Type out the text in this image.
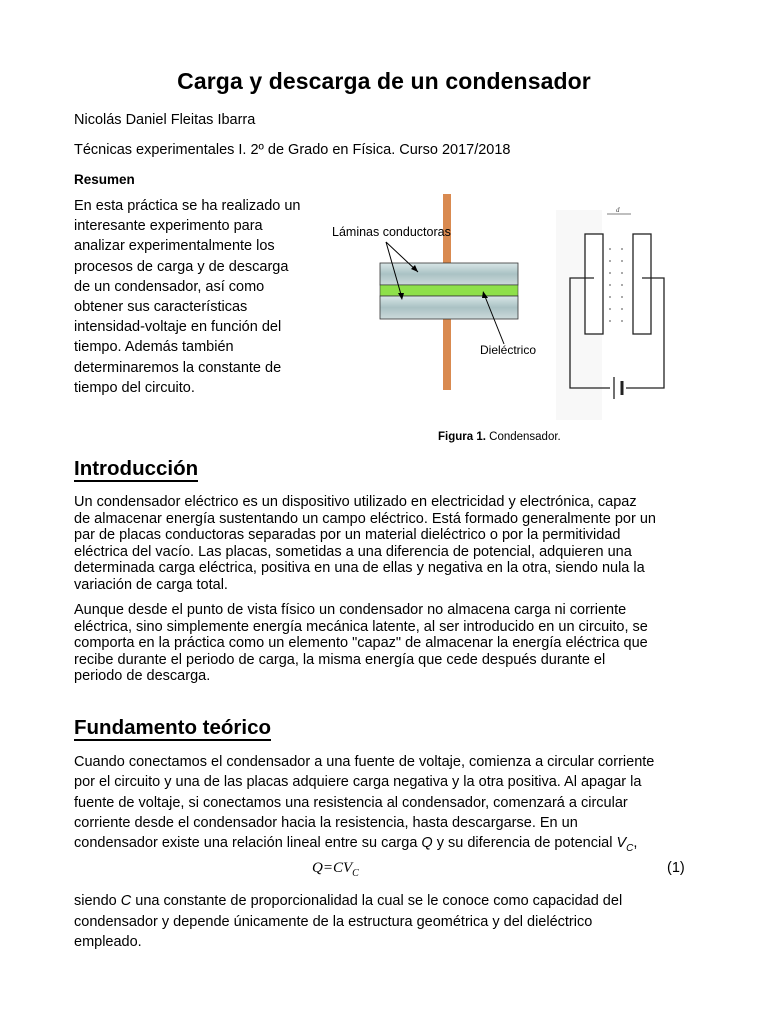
Carga y descarga de un condensador
Nicolás Daniel Fleitas Ibarra
Técnicas experimentales I. 2º de Grado en Física. Curso 2017/2018
Resumen
En esta práctica se ha realizado un
interesante experimento para
analizar experimentalmente los
procesos de carga y de descarga
de un condensador, así como
obtener sus características
intensidad-voltaje en función del
tiempo. Además también
determinaremos la constante de
tiempo del circuito.
Láminas conductoras
Dieléctrico
d
Figura 1. Condensador.
Introducción
Un condensador eléctrico es un dispositivo utilizado en electricidad y electrónica, capaz
de almacenar energía sustentando un campo eléctrico. Está formado generalmente por un
par de placas conductoras separadas por un material dieléctrico o por la permitividad
eléctrica del vacío. Las placas, sometidas a una diferencia de potencial, adquieren una
determinada carga eléctrica, positiva en una de ellas y negativa en la otra, siendo nula la
variación de carga total.
Aunque desde el punto de vista físico un condensador no almacena carga ni corriente
eléctrica, sino simplemente energía mecánica latente, al ser introducido en un circuito, se
comporta en la práctica como un elemento "capaz" de almacenar la energía eléctrica que
recibe durante el periodo de carga, la misma energía que cede después durante el
periodo de descarga.
Fundamento teórico
Cuando conectamos el condensador a una fuente de voltaje, comienza a circular corriente
por el circuito y una de las placas adquiere carga negativa y la otra positiva. Al apagar la
fuente de voltaje, si conectamos una resistencia al condensador, comenzará a circular
corriente desde el condensador hacia la resistencia, hasta descargarse. En un
condensador existe una relación lineal entre su carga Q y su diferencia de potencial $V_C$,
$Q=CV_C$	(1)
siendo C una constante de proporcionalidad la cual se le conoce como capacidad del
condensador y depende únicamente de la estructura geométrica y del dieléctrico
empleado.
